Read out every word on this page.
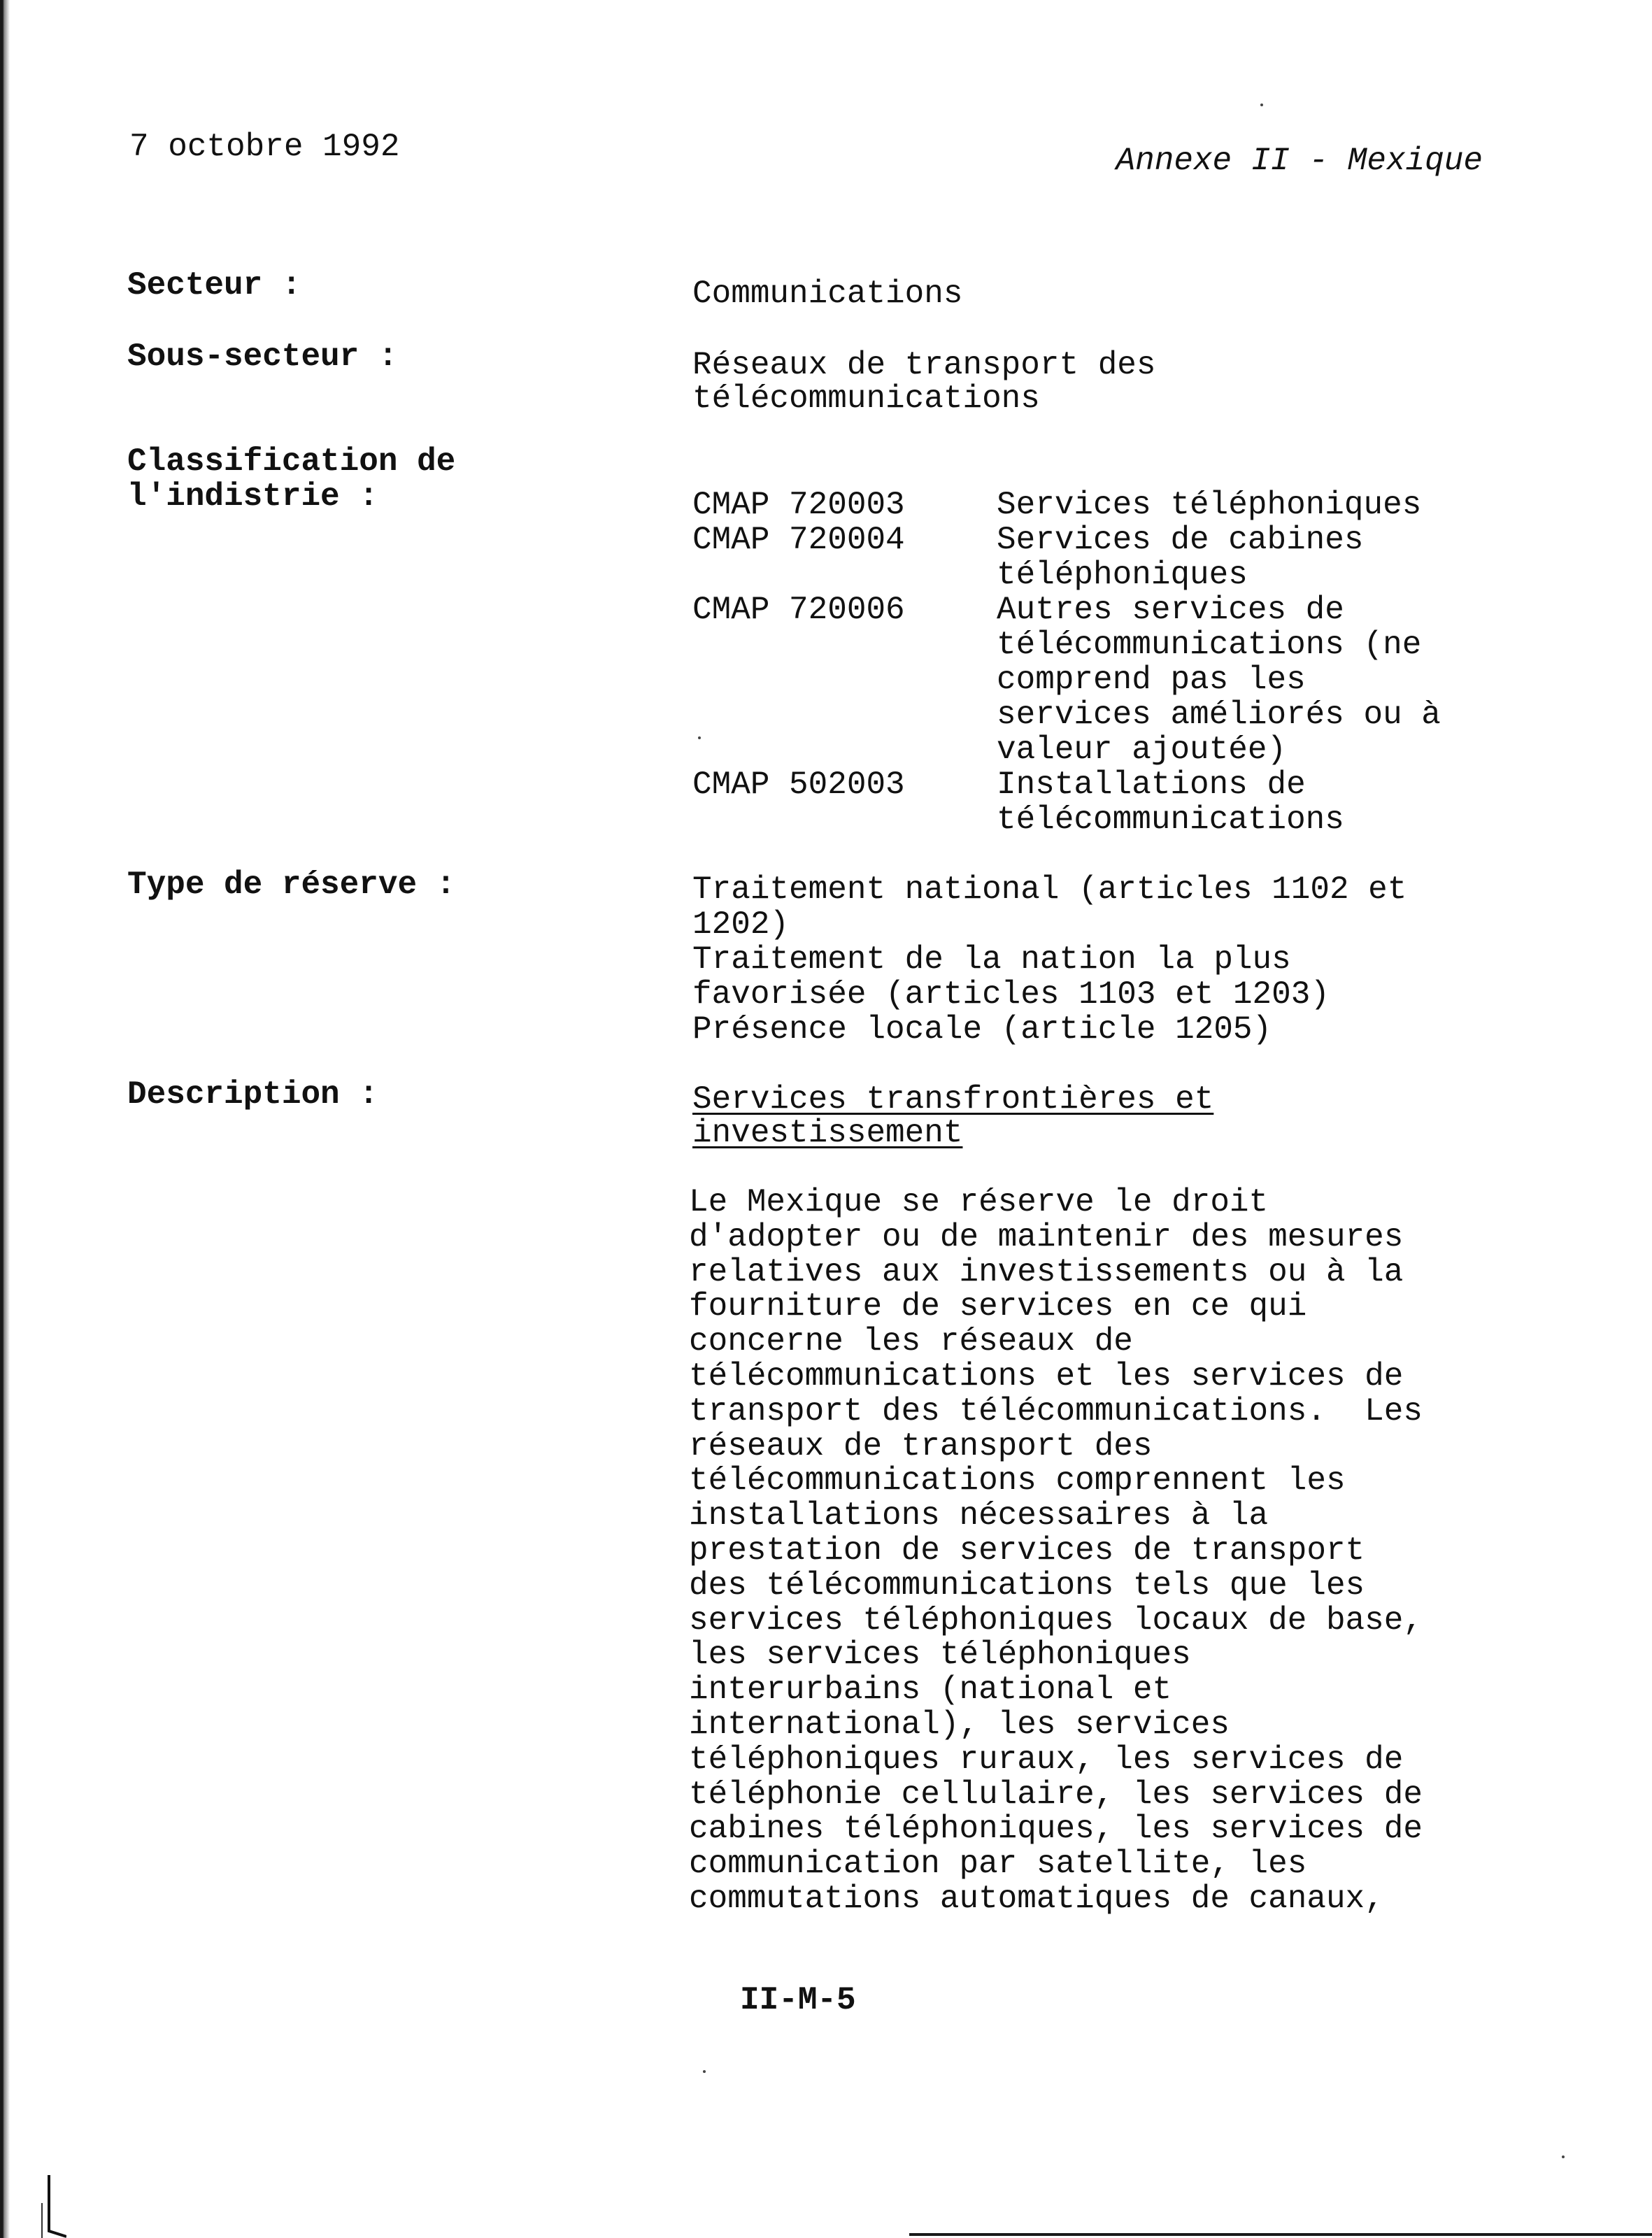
7 octobre 1992	Annexe II - Mexique
Secteur :	Communications
Sous-secteur :	Réseaux de transport des
télécommunications
Classification de
l'indistrie :	CMAP 720003	Services téléphoniques
CMAP 720004	Services de cabines
téléphoniques
CMAP 720006	Autres services de
télécommunications (ne
comprend pas les
services améliorés ou à
valeur ajoutée)
CMAP 502003	Installations de
télécommunications
Type de réserve :	Traitement national (articles 1102 et
1202)
Traitement de la nation la plus
favorisée (articles 1103 et 1203)
Présence locale (article 1205)
Description :	Services transfrontières et
investissement
Le Mexique se réserve le droit
d'adopter ou de maintenir des mesures
relatives aux investissements ou à la
fourniture de services en ce qui
concerne les réseaux de
télécommunications et les services de
transport des télécommunications.  Les
réseaux de transport des
télécommunications comprennent les
installations nécessaires à la
prestation de services de transport
des télécommunications tels que les
services téléphoniques locaux de base,
les services téléphoniques
interurbains (national et
international), les services
téléphoniques ruraux, les services de
téléphonie cellulaire, les services de
cabines téléphoniques, les services de
communication par satellite, les
commutations automatiques de canaux,
II-M-5
